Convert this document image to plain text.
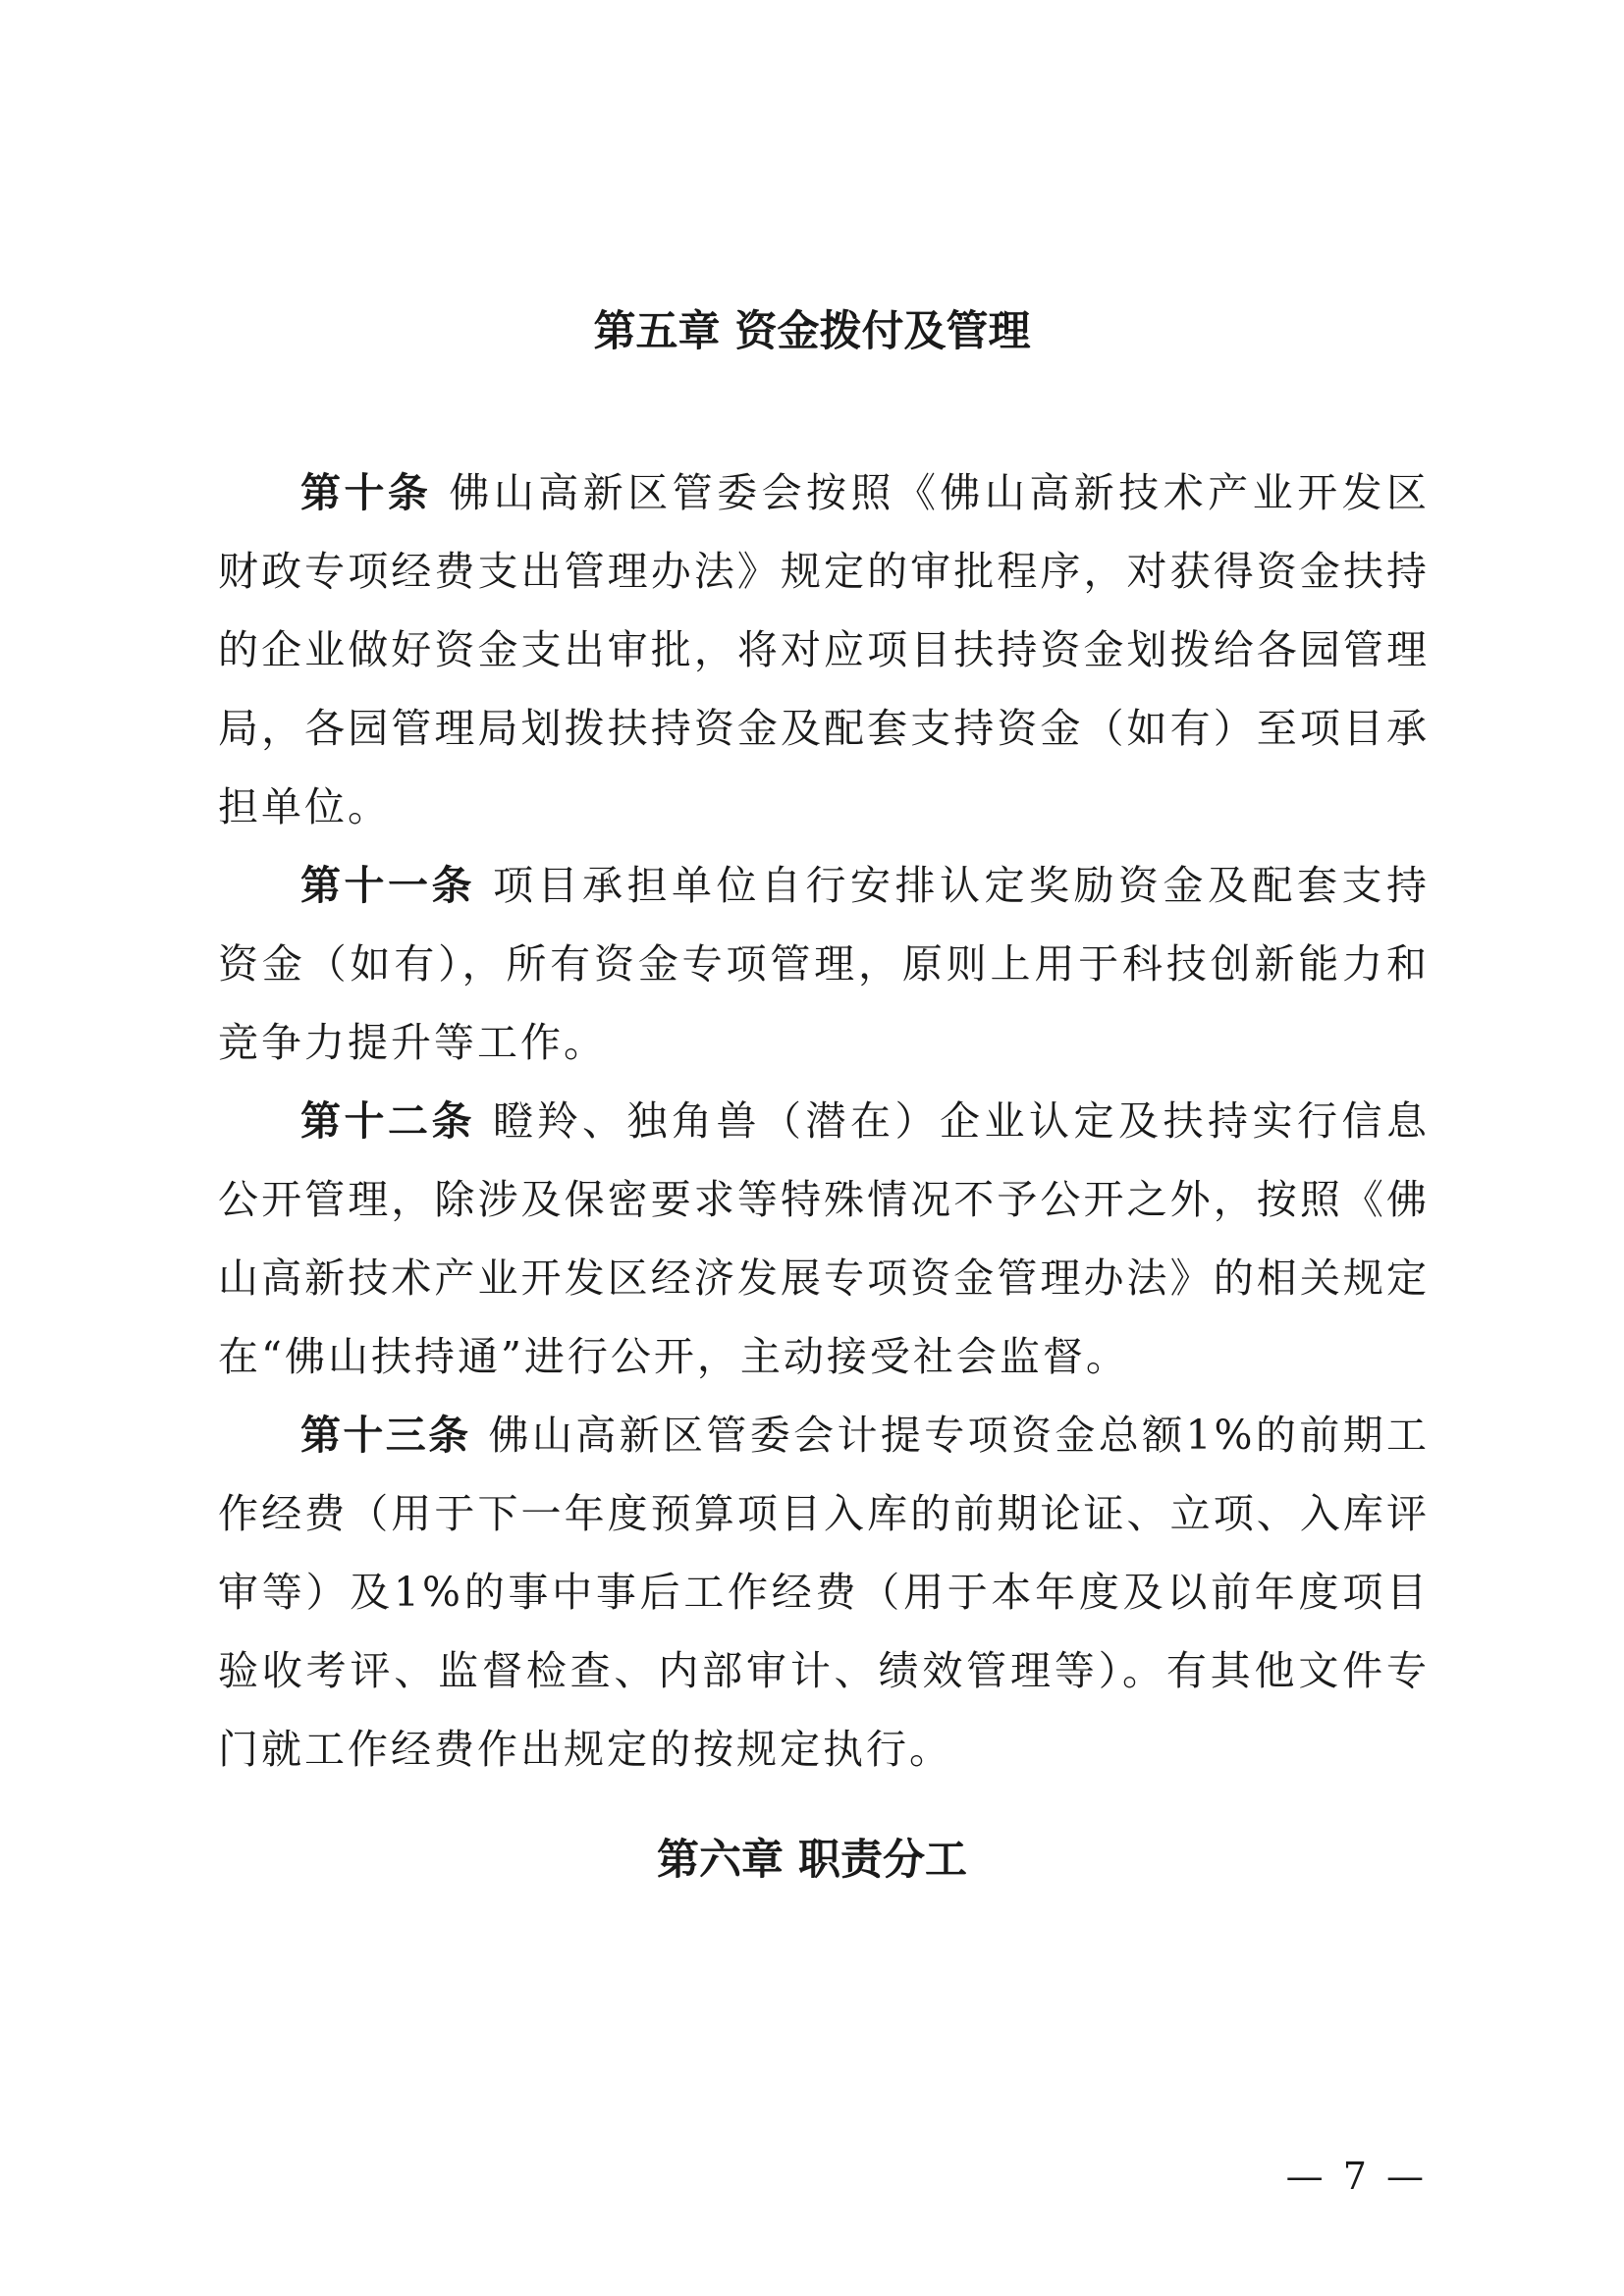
第五章 资金拨付及管理

第十条 佛山高新区管委会按照《佛山高新技术产业开发区财政专项经费支出管理办法》规定的审批程序，对获得资金扶持的企业做好资金支出审批，将对应项目扶持资金划拨给各园管理局，各园管理局划拨扶持资金及配套支持资金（如有）至项目承担单位。

第十一条 项目承担单位自行安排认定奖励资金及配套支持资金（如有），所有资金专项管理，原则上用于科技创新能力和竞争力提升等工作。

第十二条 瞪羚、独角兽（潜在）企业认定及扶持实行信息公开管理，除涉及保密要求等特殊情况不予公开之外，按照《佛山高新技术产业开发区经济发展专项资金管理办法》的相关规定在“佛山扶持通”进行公开，主动接受社会监督。

第十三条 佛山高新区管委会计提专项资金总额1%的前期工作经费（用于下一年度预算项目入库的前期论证、立项、入库评审等）及1%的事中事后工作经费（用于本年度及以前年度项目验收考评、监督检查、内部审计、绩效管理等）。有其他文件专门就工作经费作出规定的按规定执行。

第六章 职责分工
— 7 —
